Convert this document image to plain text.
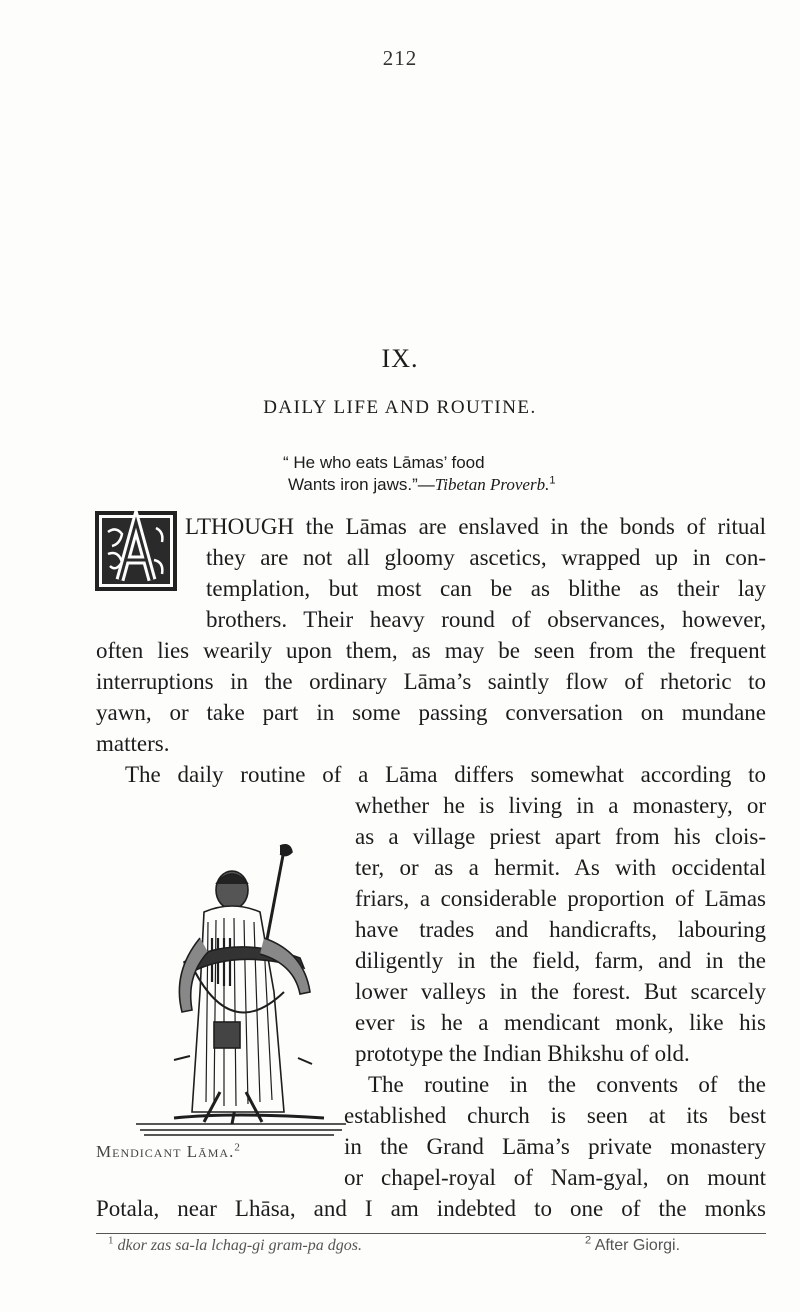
212
IX.
DAILY LIFE AND ROUTINE.
“ He who eats Lāmas’ food
Wants iron jaws.”—Tibetan Proverb.$^1$
A
LTHOUGH the Lāmas are enslaved in the bonds of ritual
they are not all gloomy ascetics, wrapped up in con-
templation, but most can be as blithe as their lay
brothers. Their heavy round of observances, however,
often lies wearily upon them, as may be seen from the frequent
interruptions in the ordinary Lāma’s saintly flow of rhetoric to
yawn, or take part in some passing conversation on mundane
matters.
The daily routine of a Lāma differs somewhat according to
whether he is living in a monastery, or
as a village priest apart from his clois-
ter, or as a hermit. As with occidental
friars, a considerable proportion of Lāmas
have trades and handicrafts, labouring
diligently in the field, farm, and in the
lower valleys in the forest. But scarcely
ever is he a mendicant monk, like his
prototype the Indian Bhikshu of old.
The routine in the convents of the
established church is seen at its best
in the Grand Lāma’s private monastery
or chapel-royal of Nam-gyal, on mount
Potala, near Lhāsa, and I am indebted to one of the monks
Mendicant Lāma.$^2$
$^1$ dkor zas sa-la lchag-gi gram-pa dgos.	$^2$ After Giorgi.
